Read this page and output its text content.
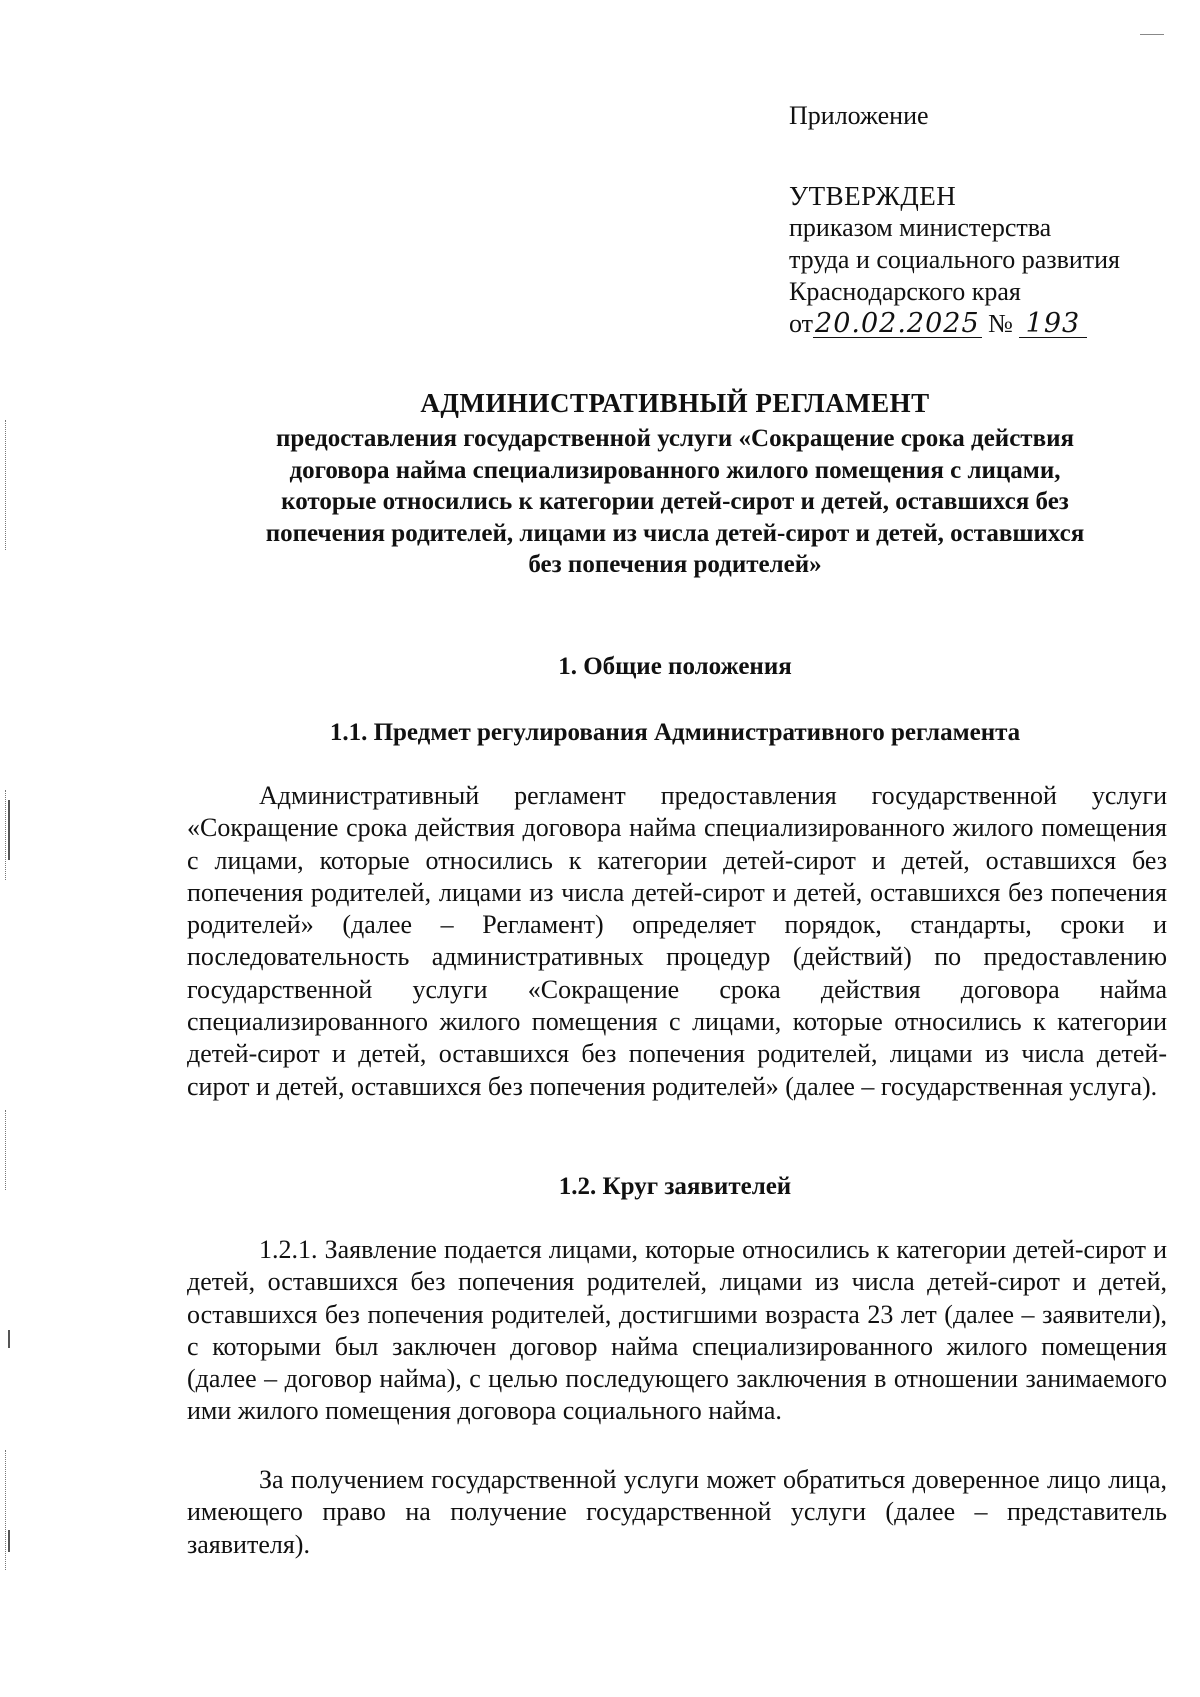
Приложение
УТВЕРЖДЕН
приказом министерства
труда и социального развития
Краснодарского края
от20.02.2025 № 193
АДМИНИСТРАТИВНЫЙ РЕГЛАМЕНТ
предоставления государственной услуги «Сокращение срока действия договора найма специализированного жилого помещения с лицами, которые относились к категории детей-сирот и детей, оставшихся без попечения родителей, лицами из числа детей-сирот и детей, оставшихся без попечения родителей»
1. Общие положения
1.1. Предмет регулирования Административного регламента
Административный регламент предоставления государственной услуги «Сокращение срока действия договора найма специализированного жилого помещения с лицами, которые относились к категории детей-сирот и детей, оставшихся без попечения родителей, лицами из числа детей-сирот и детей, оставшихся без попечения родителей» (далее – Регламент) определяет порядок, стандарты, сроки и последовательность административных процедур (действий) по предоставлению государственной услуги «Сокращение срока действия договора найма специализированного жилого помещения с лицами, которые относились к категории детей-сирот и детей, оставшихся без попечения родителей, лицами из числа детей-сирот и детей, оставшихся без попечения родителей» (далее – государственная услуга).
1.2. Круг заявителей
1.2.1. Заявление подается лицами, которые относились к категории детей-сирот и детей, оставшихся без попечения родителей, лицами из числа детей-сирот и детей, оставшихся без попечения родителей, достигшими возраста 23 лет (далее – заявители), с которыми был заключен договор найма специализированного жилого помещения (далее – договор найма), с целью последующего заключения в отношении занимаемого ими жилого помещения договора социального найма.
За получением государственной услуги может обратиться доверенное лицо лица, имеющего право на получение государственной услуги (далее – представитель заявителя).
